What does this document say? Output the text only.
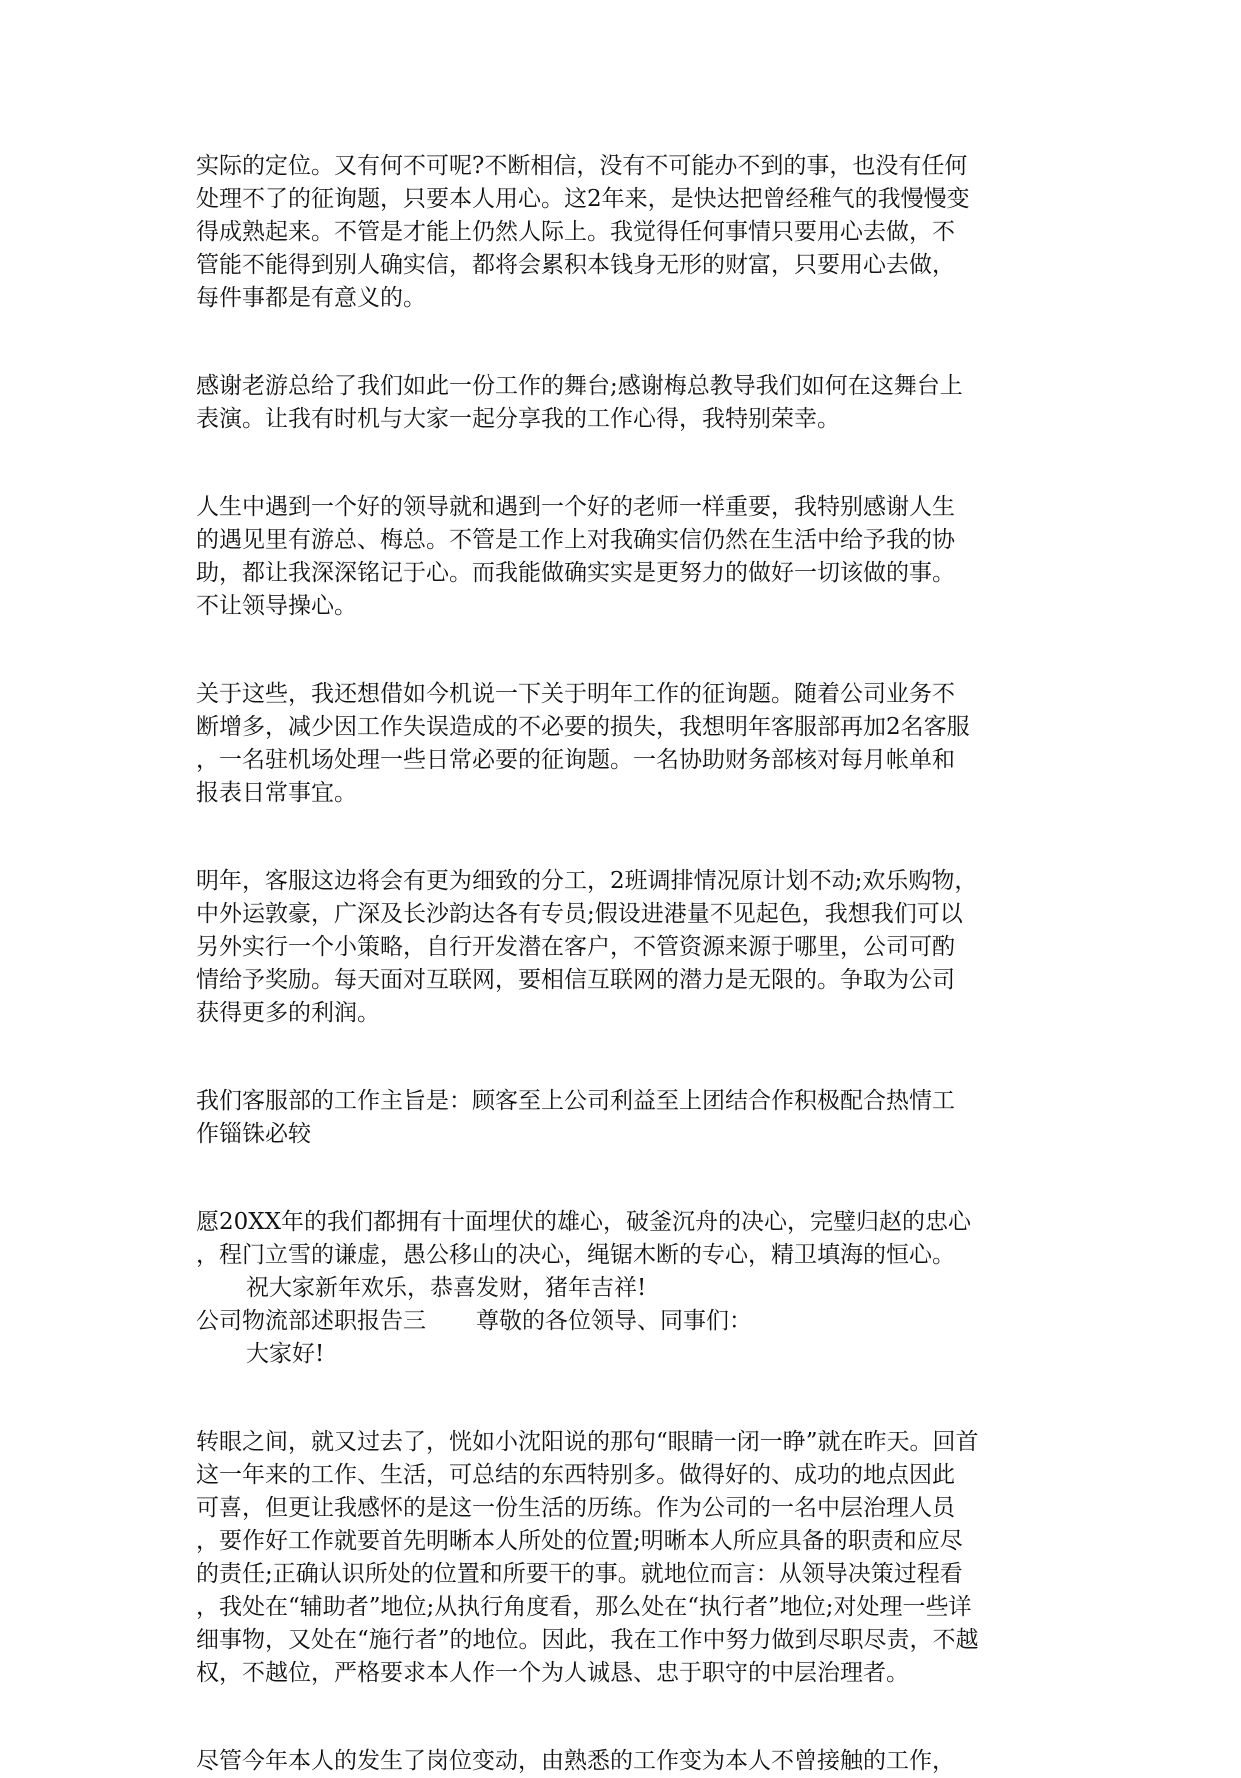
实际的定位。又有何不可呢?不断相信，没有不可能办不到的事，也没有任何
处理不了的征询题，只要本人用心。这2年来，是快达把曾经稚气的我慢慢变
得成熟起来。不管是才能上仍然人际上。我觉得任何事情只要用心去做，不
管能不能得到别人确实信，都将会累积本钱身无形的财富，只要用心去做，
每件事都是有意义的。
感谢老游总给了我们如此一份工作的舞台;感谢梅总教导我们如何在这舞台上
表演。让我有时机与大家一起分享我的工作心得，我特别荣幸。
人生中遇到一个好的领导就和遇到一个好的老师一样重要，我特别感谢人生
的遇见里有游总、梅总。不管是工作上对我确实信仍然在生活中给予我的协
助，都让我深深铭记于心。而我能做确实实是更努力的做好一切该做的事。
不让领导操心。
关于这些，我还想借如今机说一下关于明年工作的征询题。随着公司业务不
断增多，减少因工作失误造成的不必要的损失，我想明年客服部再加2名客服
，一名驻机场处理一些日常必要的征询题。一名协助财务部核对每月帐单和
报表日常事宜。
明年，客服这边将会有更为细致的分工，2班调排情况原计划不动;欢乐购物，
中外运敦豪，广深及长沙韵达各有专员;假设进港量不见起色，我想我们可以
另外实行一个小策略，自行开发潜在客户，不管资源来源于哪里，公司可酌
情给予奖励。每天面对互联网，要相信互联网的潜力是无限的。争取为公司
获得更多的利润。
我们客服部的工作主旨是：顾客至上公司利益至上团结合作积极配合热情工
作锱铢必较
愿20XX年的我们都拥有十面埋伏的雄心，破釜沉舟的决心，完璧归赵的忠心
，程门立雪的谦虚，愚公移山的决心，绳锯木断的专心，精卫填海的恒心。
祝大家新年欢乐，恭喜发财，猪年吉祥!
公司物流部述职报告三 尊敬的各位领导、同事们：
大家好!
转眼之间，就又过去了，恍如小沈阳说的那句“眼睛一闭一睁”就在昨天。回首
这一年来的工作、生活，可总结的东西特别多。做得好的、成功的地点因此
可喜，但更让我感怀的是这一份生活的历练。作为公司的一名中层治理人员
，要作好工作就要首先明晰本人所处的位置;明晰本人所应具备的职责和应尽
的责任;正确认识所处的位置和所要干的事。就地位而言：从领导决策过程看
，我处在“辅助者”地位;从执行角度看，那么处在“执行者”地位;对处理一些详
细事物，又处在“施行者”的地位。因此，我在工作中努力做到尽职尽责，不越
权，不越位，严格要求本人作一个为人诚恳、忠于职守的中层治理者。
尽管今年本人的发生了岗位变动，由熟悉的工作变为本人不曾接触的工作，
